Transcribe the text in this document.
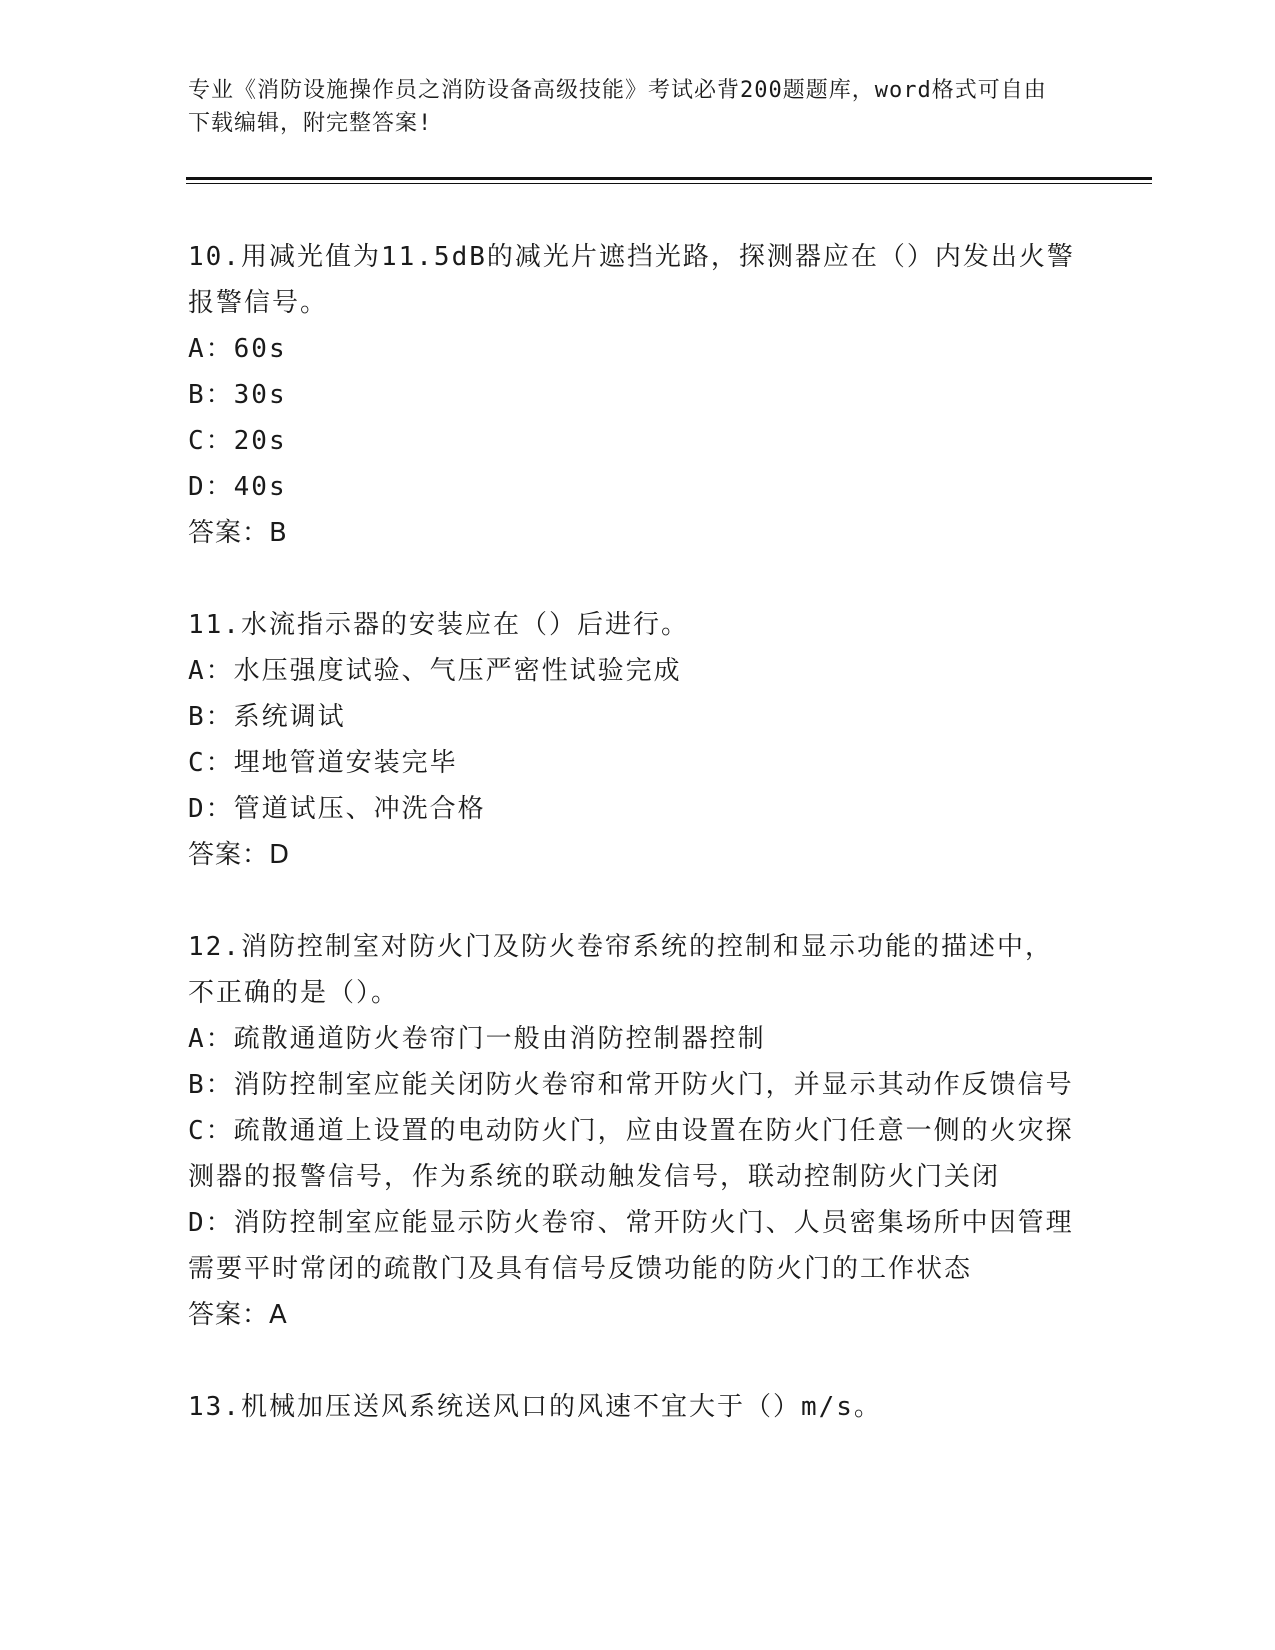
专业《消防设施操作员之消防设备高级技能》考试必背200题题库，word格式可自由下载编辑，附完整答案!
10.用减光值为11.5dB的减光片遮挡光路，探测器应在（）内发出火警报警信号。
A：60s
B：30s
C：20s
D：40s
答案：B
11.水流指示器的安装应在（）后进行。
A：水压强度试验、气压严密性试验完成
B：系统调试
C：埋地管道安装完毕
D：管道试压、冲洗合格
答案：D
12.消防控制室对防火门及防火卷帘系统的控制和显示功能的描述中，不正确的是（）。
A：疏散通道防火卷帘门一般由消防控制器控制
B：消防控制室应能关闭防火卷帘和常开防火门，并显示其动作反馈信号
C：疏散通道上设置的电动防火门，应由设置在防火门任意一侧的火灾探测器的报警信号，作为系统的联动触发信号，联动控制防火门关闭
D：消防控制室应能显示防火卷帘、常开防火门、人员密集场所中因管理需要平时常闭的疏散门及具有信号反馈功能的防火门的工作状态
答案：A
13.机械加压送风系统送风口的风速不宜大于（）m/s。
